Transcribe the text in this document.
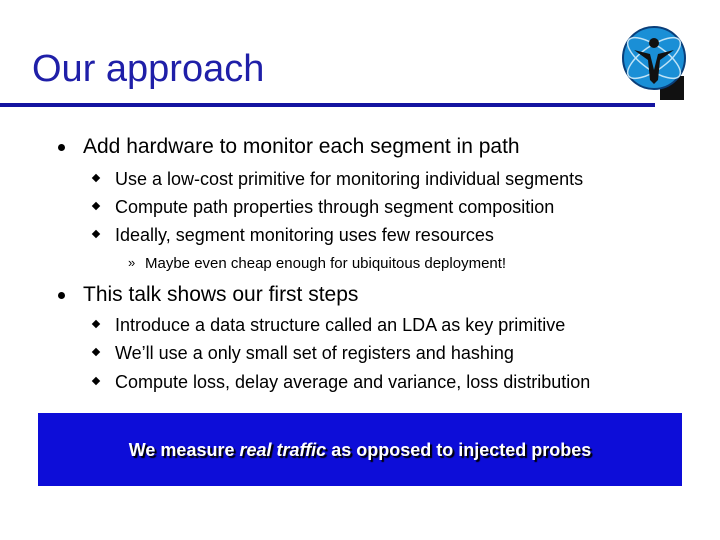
Our approach
Add hardware to monitor each segment in path
Use a low-cost primitive for monitoring individual segments
Compute path properties through segment composition
Ideally, segment monitoring uses few resources
» Maybe even cheap enough for ubiquitous deployment!
This talk shows our first steps
Introduce a data structure called an LDA as key primitive
We’ll use a only small set of registers and hashing
Compute loss, delay average and variance, loss distribution
We measure real traffic as opposed to injected probes
